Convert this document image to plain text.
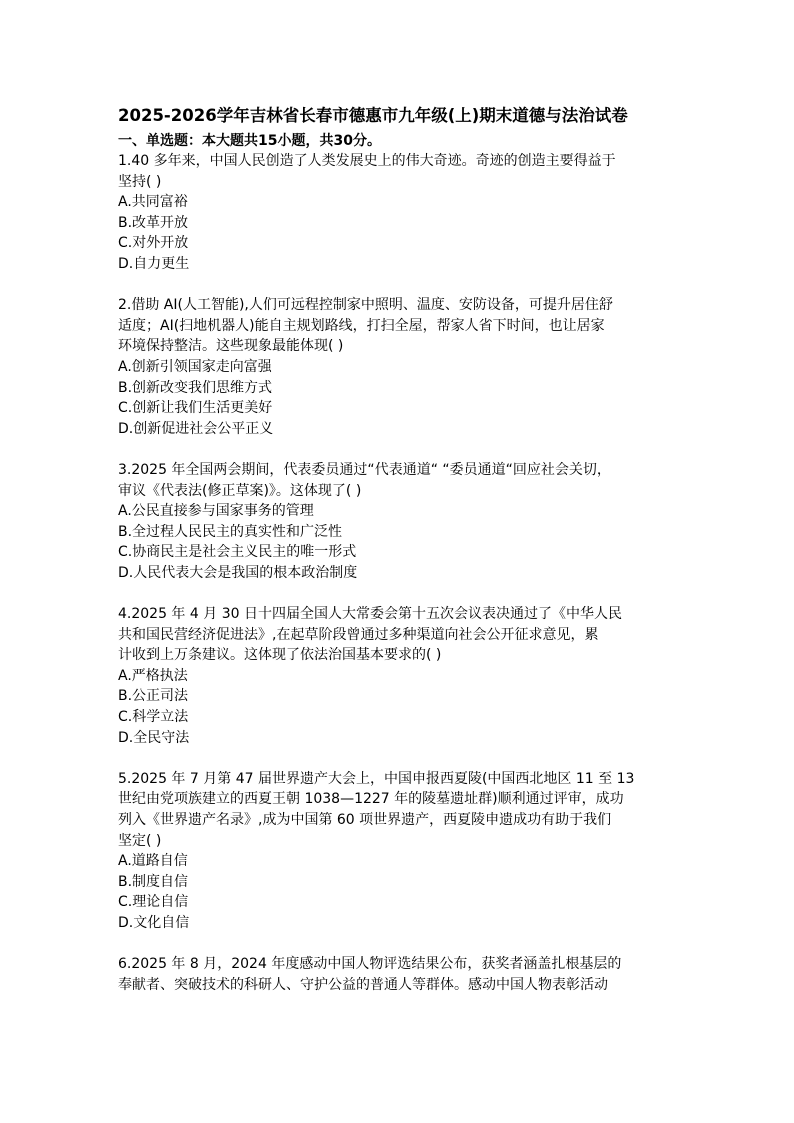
2025-2026学年吉林省长春市德惠市九年级(上)期末道德与法治试卷
一、单选题：本大题共15小题，共30分。
1.40 多年来，中国人民创造了人类发展史上的伟大奇迹。奇迹的创造主要得益于
坚持( )
A.共同富裕
B.改革开放
C.对外开放
D.自力更生
2.借助 AI(人工智能),人们可远程控制家中照明、温度、安防设备，可提升居住舒
适度；AI(扫地机器人)能自主规划路线，打扫全屋，帮家人省下时间，也让居家
环境保持整洁。这些现象最能体现( )
A.创新引领国家走向富强
B.创新改变我们思维方式
C.创新让我们生活更美好
D.创新促进社会公平正义
3.2025 年全国两会期间，代表委员通过“代表通道“ “委员通道“回应社会关切，
审议《代表法(修正草案)》。这体现了( )
A.公民直接参与国家事务的管理
B.全过程人民民主的真实性和广泛性
C.协商民主是社会主义民主的唯一形式
D.人民代表大会是我国的根本政治制度
4.2025 年 4 月 30 日十四届全国人大常委会第十五次会议表决通过了《中华人民
共和国民营经济促进法》,在起草阶段曾通过多种渠道向社会公开征求意见，累
计收到上万条建议。这体现了依法治国基本要求的( )
A.严格执法
B.公正司法
C.科学立法
D.全民守法
5.2025 年 7 月第 47 届世界遗产大会上，中国申报西夏陵(中国西北地区 11 至 13
世纪由党项族建立的西夏王朝 1038—1227 年的陵墓遗址群)顺利通过评审，成功
列入《世界遗产名录》,成为中国第 60 项世界遗产，西夏陵申遗成功有助于我们
坚定( )
A.道路自信
B.制度自信
C.理论自信
D.文化自信
6.2025 年 8 月，2024 年度感动中国人物评选结果公布，获奖者涵盖扎根基层的
奉献者、突破技术的科研人、守护公益的普通人等群体。感动中国人物表彰活动
